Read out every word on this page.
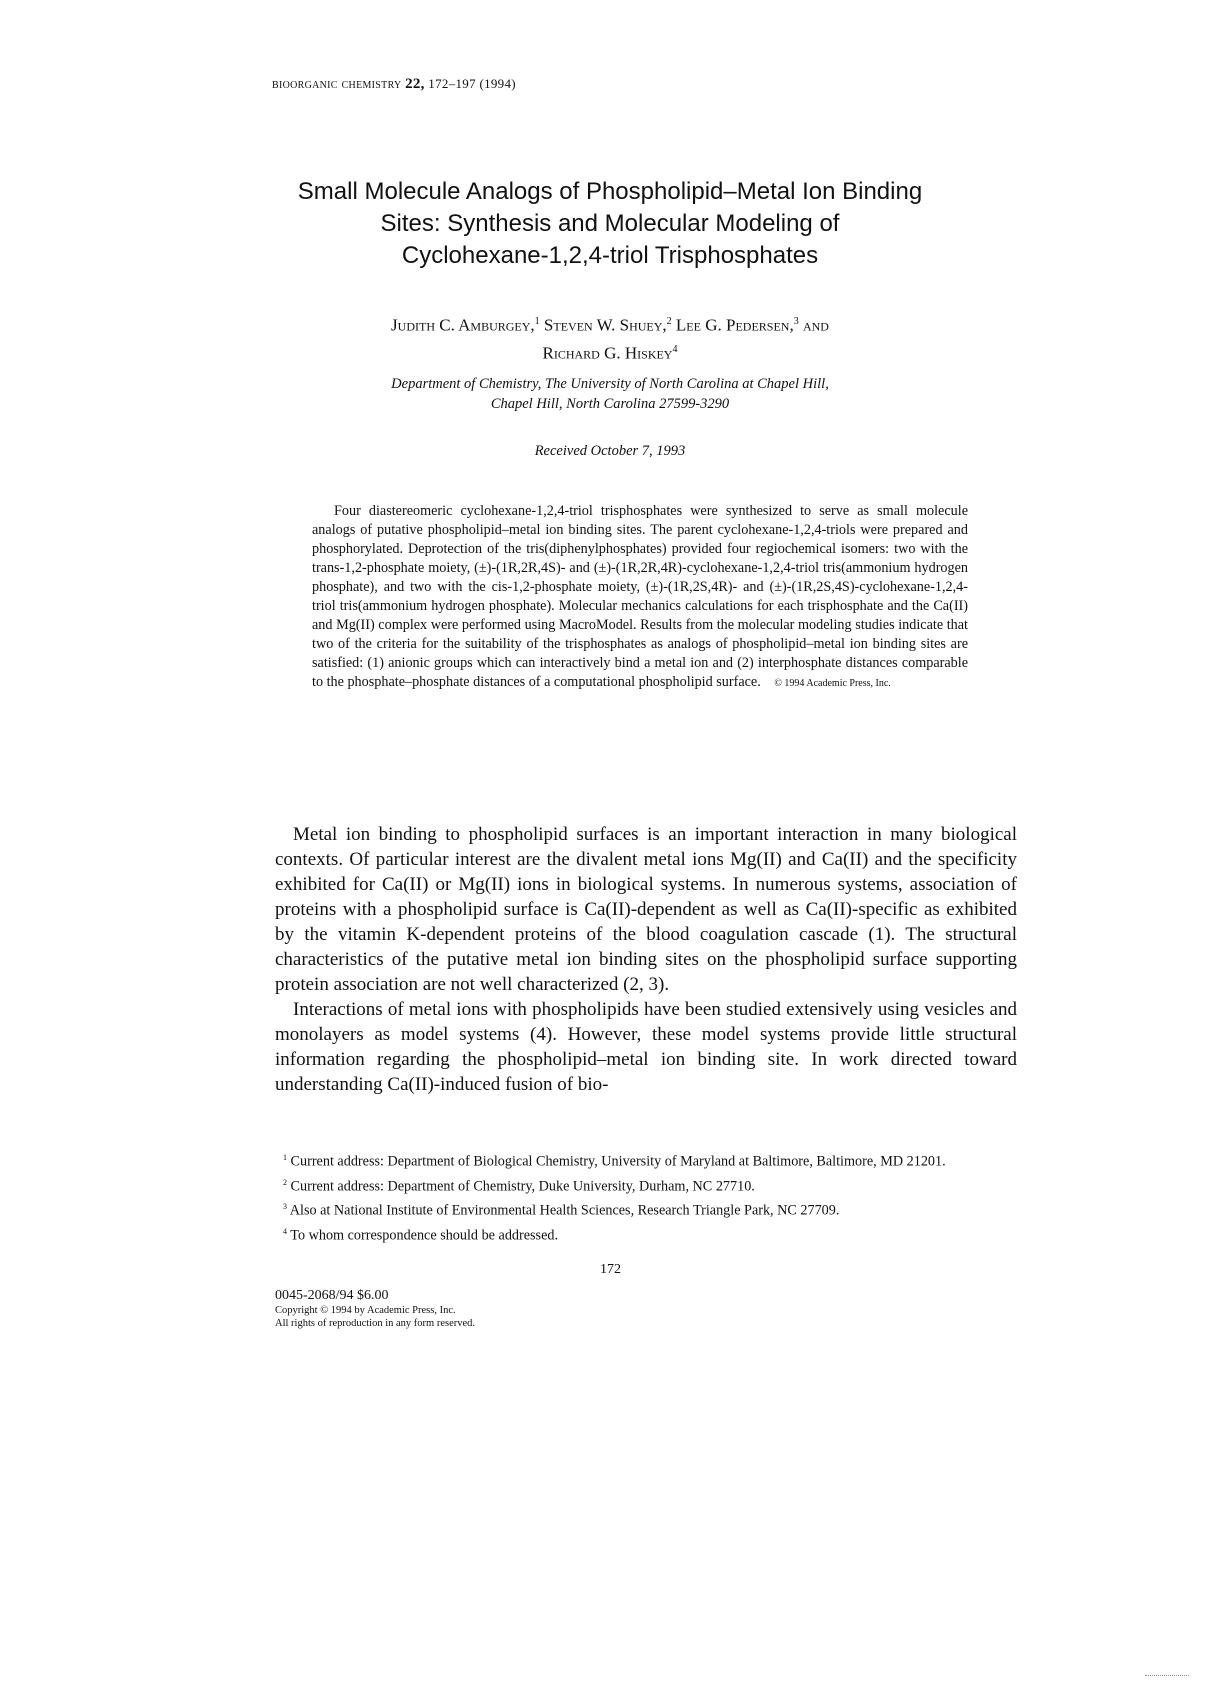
bioorganic chemistry 22, 172–197 (1994)
Small Molecule Analogs of Phospholipid–Metal Ion Binding
Sites: Synthesis and Molecular Modeling of
Cyclohexane-1,2,4-triol Trisphosphates
Judith C. Amburgey,$^1$ Steven W. Shuey,$^2$ Lee G. Pedersen,$^3$ and
Richard G. Hiskey$^4$
Department of Chemistry, The University of North Carolina at Chapel Hill,
Chapel Hill, North Carolina 27599-3290
Received October 7, 1993
Four diastereomeric cyclohexane-1,2,4-triol trisphosphates were synthesized to serve as small molecule analogs of putative phospholipid–metal ion binding sites. The parent cyclohexane-1,2,4-triols were prepared and phosphorylated. Deprotection of the tris(diphenylphosphates) provided four regiochemical isomers: two with the trans-1,2-phosphate moiety, (±)-(1R,2R,4S)- and (±)-(1R,2R,4R)-cyclohexane-1,2,4-triol tris(ammonium hydrogen phosphate), and two with the cis-1,2-phosphate moiety, (±)-(1R,2S,4R)- and (±)-(1R,2S,4S)-cyclohexane-1,2,4-triol tris(ammonium hydrogen phosphate). Molecular mechanics calculations for each trisphosphate and the Ca(II) and Mg(II) complex were performed using MacroModel. Results from the molecular modeling studies indicate that two of the criteria for the suitability of the trisphosphates as analogs of phospholipid–metal ion binding sites are satisfied: (1) anionic groups which can interactively bind a metal ion and (2) interphosphate distances comparable to the phosphate–phosphate distances of a computational phospholipid surface. © 1994 Academic Press, Inc.

Metal ion binding to phospholipid surfaces is an important interaction in many biological contexts. Of particular interest are the divalent metal ions Mg(II) and Ca(II) and the specificity exhibited for Ca(II) or Mg(II) ions in biological systems. In numerous systems, association of proteins with a phospholipid surface is Ca(II)-dependent as well as Ca(II)-specific as exhibited by the vitamin K-dependent proteins of the blood coagulation cascade (1). The structural characteristics of the putative metal ion binding sites on the phospholipid surface supporting protein association are not well characterized (2, 3).

Interactions of metal ions with phospholipids have been studied extensively using vesicles and monolayers as model systems (4). However, these model systems provide little structural information regarding the phospholipid–metal ion binding site. In work directed toward understanding Ca(II)-induced fusion of bio-

$^1$ Current address: Department of Biological Chemistry, University of Maryland at Baltimore, Baltimore, MD 21201.

$^2$ Current address: Department of Chemistry, Duke University, Durham, NC 27710.

$^3$ Also at National Institute of Environmental Health Sciences, Research Triangle Park, NC 27709.

$^4$ To whom correspondence should be addressed.

172
0045-2068/94 $6.00
Copyright © 1994 by Academic Press, Inc.
All rights of reproduction in any form reserved.
